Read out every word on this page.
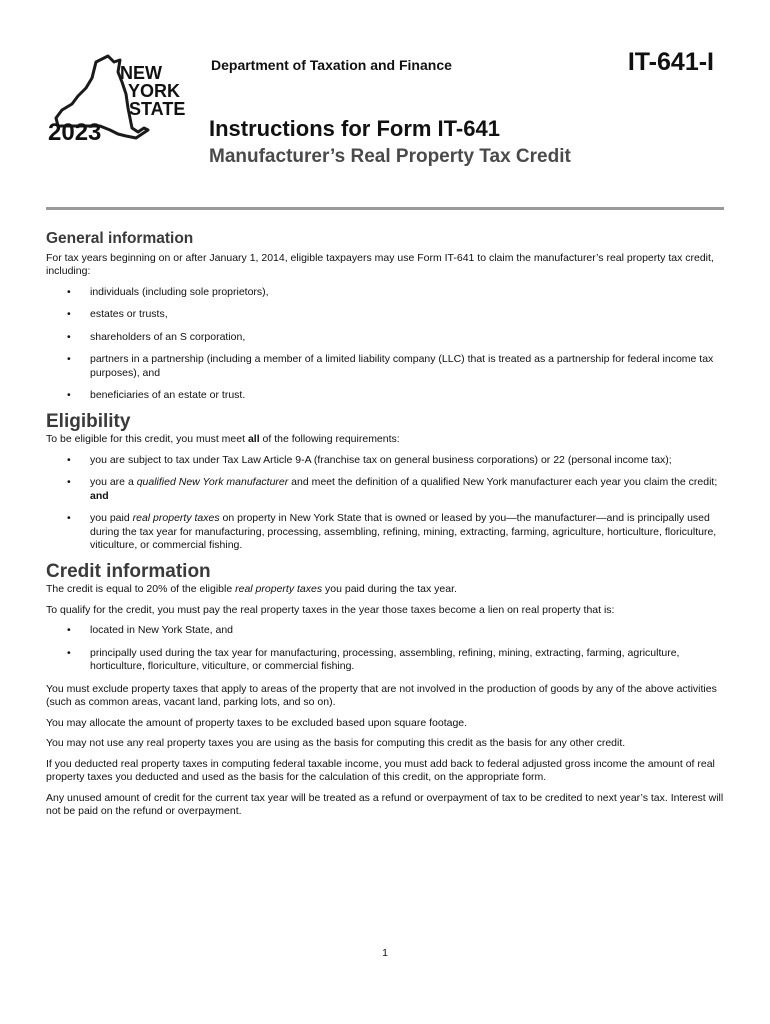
NEW
YORK
STATE
2023
Department of Taxation and Finance	IT-641-I
Instructions for Form IT-641
Manufacturer’s Real Property Tax Credit
General information

For tax years beginning on or after January 1, 2014, eligible taxpayers may use Form IT-641 to claim the manufacturer’s real property tax credit, including:

• individuals (including sole proprietors),
• estates or trusts,
• shareholders of an S corporation,
• partners in a partnership (including a member of a limited liability company (LLC) that is treated as a partnership for federal income tax purposes), and
• beneficiaries of an estate or trust.
Eligibility

To be eligible for this credit, you must meet all of the following requirements:

• you are subject to tax under Tax Law Article 9-A (franchise tax on general business corporations) or 22 (personal income tax);
• you are a qualified New York manufacturer and meet the definition of a qualified New York manufacturer each year you claim the credit; and
• you paid real property taxes on property in New York State that is owned or leased by you—the manufacturer—and is principally used during the tax year for manufacturing, processing, assembling, refining, mining, extracting, farming, agriculture, horticulture, floriculture, viticulture, or commercial fishing.
Credit information

The credit is equal to 20% of the eligible real property taxes you paid during the tax year.

To qualify for the credit, you must pay the real property taxes in the year those taxes become a lien on real property that is:

• located in New York State, and
• principally used during the tax year for manufacturing, processing, assembling, refining, mining, extracting, farming, agriculture, horticulture, floriculture, viticulture, or commercial fishing.

You must exclude property taxes that apply to areas of the property that are not involved in the production of goods by any of the above activities (such as common areas, vacant land, parking lots, and so on).

You may allocate the amount of property taxes to be excluded based upon square footage.

You may not use any real property taxes you are using as the basis for computing this credit as the basis for any other credit.

If you deducted real property taxes in computing federal taxable income, you must add back to federal adjusted gross income the amount of real property taxes you deducted and used as the basis for the calculation of this credit, on the appropriate form.

Any unused amount of credit for the current tax year will be treated as a refund or overpayment of tax to be credited to next year’s tax. Interest will not be paid on the refund or overpayment.

1
